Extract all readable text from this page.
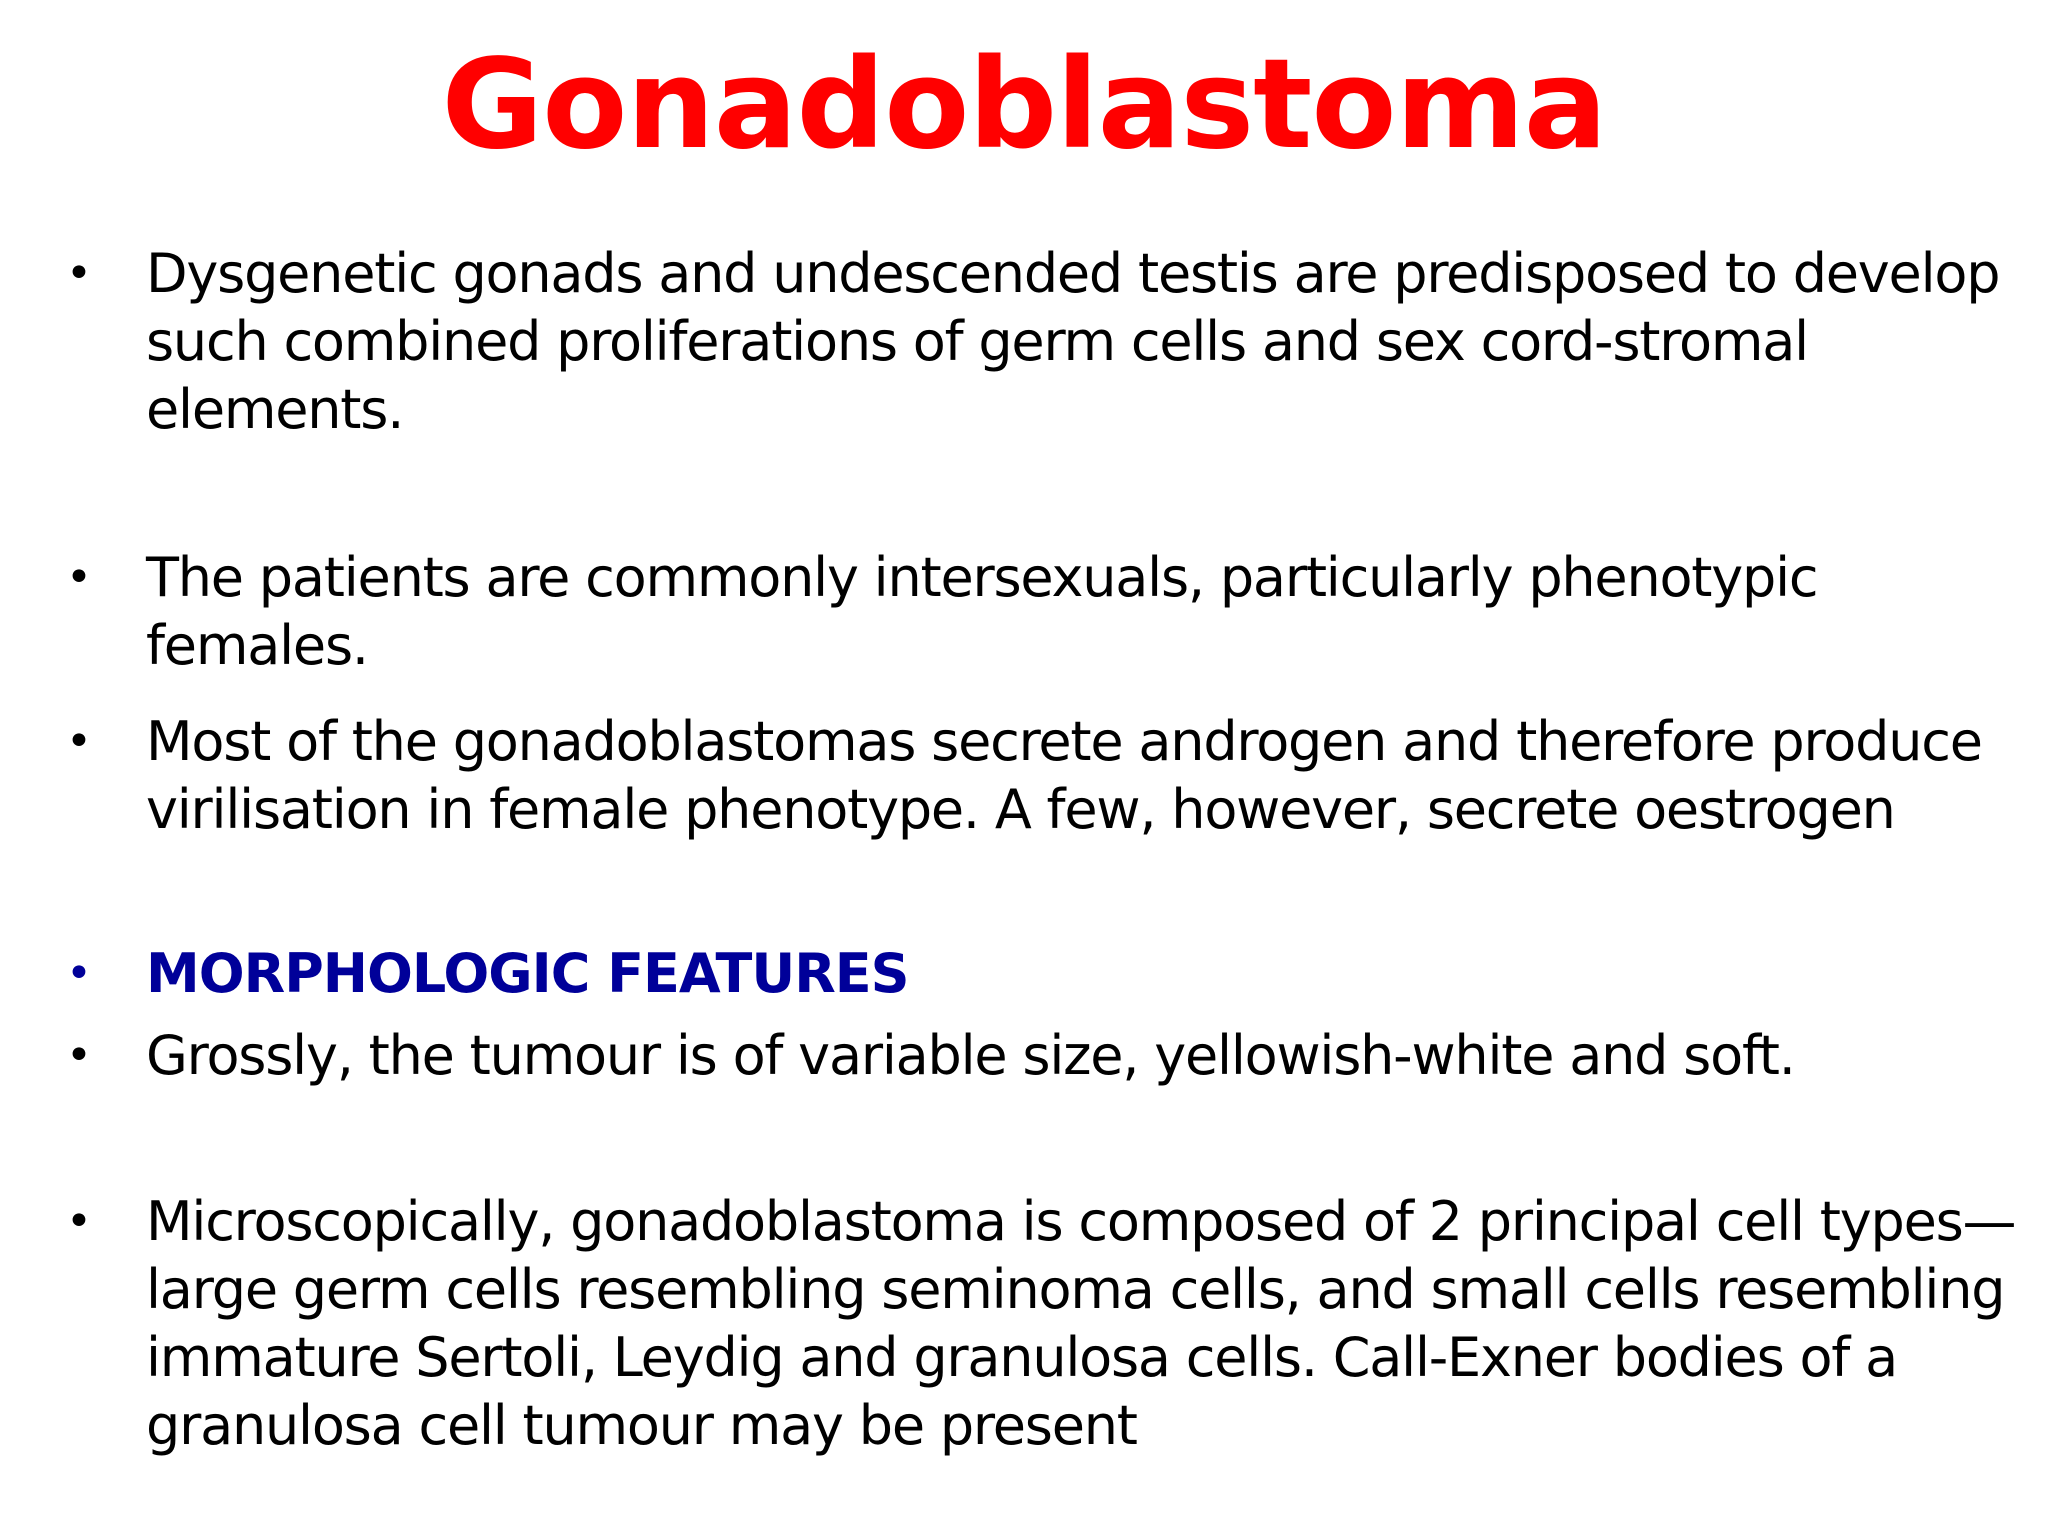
Gonadoblastoma
• Dysgenetic gonads and undescended testis are predisposed to develop such combined proliferations of germ cells and sex cord-stromal elements.

• The patients are commonly intersexuals, particularly phenotypic females.

• Most of the gonadoblastomas secrete androgen and therefore produce virilisation in female phenotype. A few, however, secrete oestrogen

• MORPHOLOGIC FEATURES

• Grossly, the tumour is of variable size, yellowish-white and soft.

• Microscopically, gonadoblastoma is composed of 2 principal cell types—large germ cells resembling seminoma cells, and small cells resembling immature Sertoli, Leydig and granulosa cells. Call-Exner bodies of a granulosa cell tumour may be present
